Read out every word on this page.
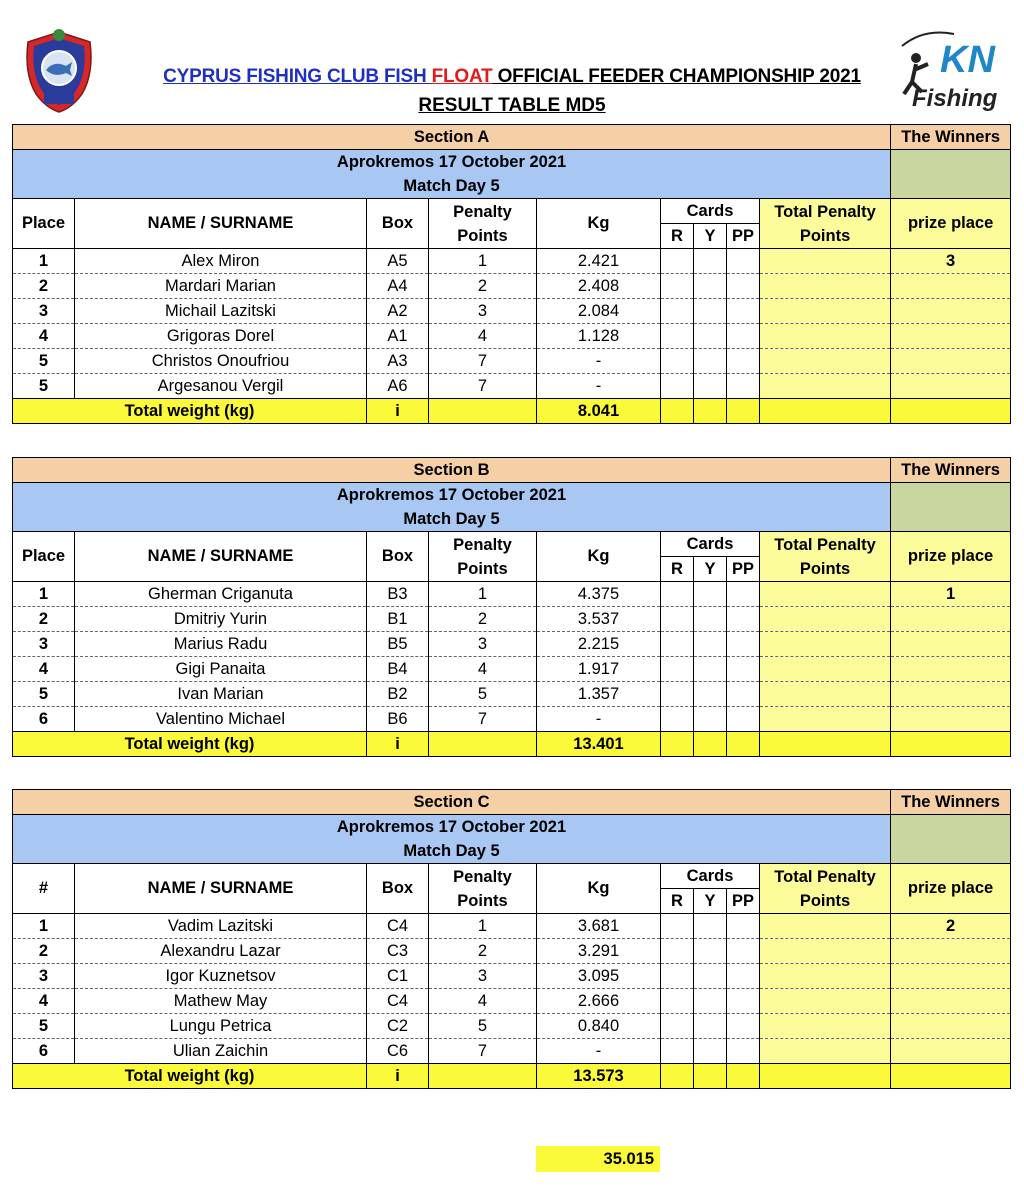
CYPRUS FISHING CLUB FISH FLOAT OFFICIAL FEEDER CHAMPIONSHIP 2021
RESULT TABLE MD5
KN
Fishing
Section A									The Winners
Aprokremos 17 October 2021									
Match Day 5									
Place	NAME / SURNAME	Box	Penalty
Points	Kg	Cards			Total Penalty
Points	prize place
					R	Y	PP		
1	Alex Miron	A5	1	2.421					3
2	Mardari Marian	A4	2	2.408					
3	Michail Lazitski	A2	3	2.084					
4	Grigoras Dorel	A1	4	1.128					
5	Christos Onoufriou	A3	7	-					
5	Argesanou Vergil	A6	7	-					
Total weight (kg)		i		8.041					
Section B									The Winners
Aprokremos 17 October 2021									
Match Day 5									
Place	NAME / SURNAME	Box	Penalty
Points	Kg	Cards			Total Penalty
Points	prize place
					R	Y	PP		
1	Gherman Criganuta	B3	1	4.375					1
2	Dmitriy Yurin	B1	2	3.537					
3	Marius Radu	B5	3	2.215					
4	Gigi Panaita	B4	4	1.917					
5	Ivan Marian	B2	5	1.357					
6	Valentino Michael	B6	7	-					
Total weight (kg)		i		13.401					
Section C									The Winners
Aprokremos 17 October 2021									
Match Day 5									
#	NAME / SURNAME	Box	Penalty
Points	Kg	Cards			Total Penalty
Points	prize place
					R	Y	PP		
1	Vadim Lazitski	C4	1	3.681					2
2	Alexandru Lazar	C3	2	3.291					
3	Igor Kuznetsov	C1	3	3.095					
4	Mathew May	C4	4	2.666					
5	Lungu Petrica	C2	5	0.840					
6	Ulian Zaichin	C6	7	-					
Total weight (kg)		i		13.573					
35.015
